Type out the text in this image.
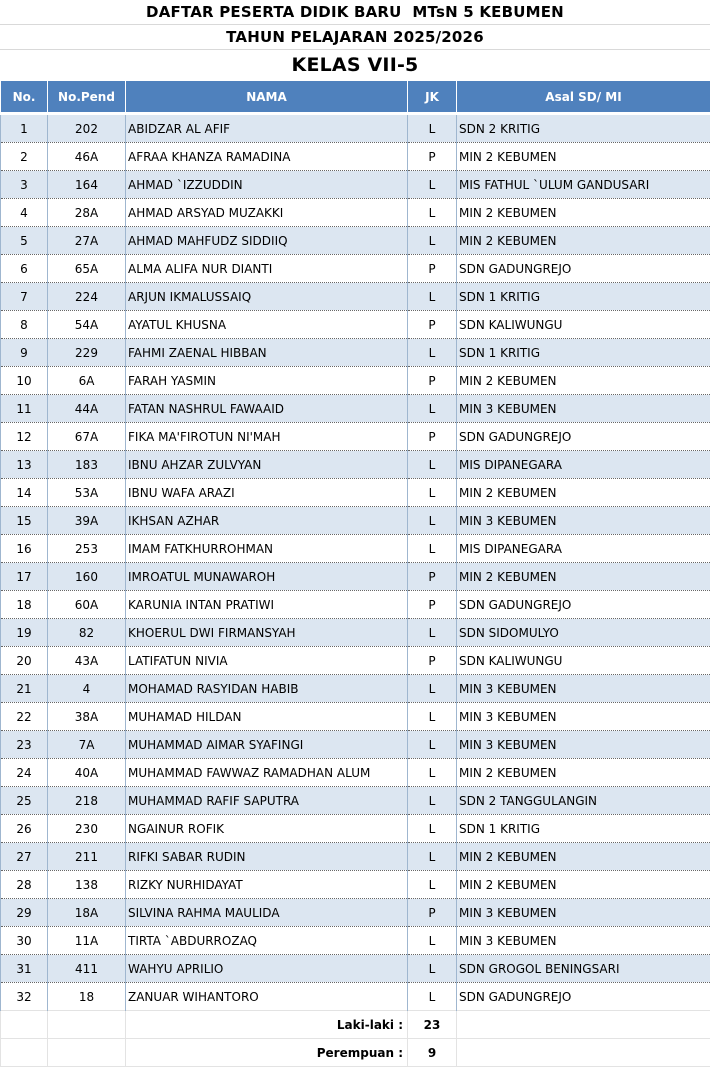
DAFTAR PESERTA DIDIK BARU  MTsN 5 KEBUMEN
TAHUN PELAJARAN 2025/2026
KELAS VII-5
No.	No.Pend	NAMA	JK	Asal SD/ MI

1	202	ABIDZAR AL AFIF	L	SDN 2 KRITIG
2	46A	AFRAA KHANZA RAMADINA	P	MIN 2 KEBUMEN
3	164	AHMAD `IZZUDDIN	L	MIS FATHUL `ULUM GANDUSARI
4	28A	AHMAD ARSYAD MUZAKKI	L	MIN 2 KEBUMEN
5	27A	AHMAD MAHFUDZ SIDDIIQ	L	MIN 2 KEBUMEN
6	65A	ALMA ALIFA NUR DIANTI	P	SDN GADUNGREJO
7	224	ARJUN IKMALUSSAIQ	L	SDN 1 KRITIG
8	54A	AYATUL KHUSNA	P	SDN KALIWUNGU
9	229	FAHMI ZAENAL HIBBAN	L	SDN 1 KRITIG
10	6A	FARAH YASMIN	P	MIN 2 KEBUMEN
11	44A	FATAN NASHRUL FAWAAID	L	MIN 3 KEBUMEN
12	67A	FIKA MA'FIROTUN NI'MAH	P	SDN GADUNGREJO
13	183	IBNU AHZAR ZULVYAN	L	MIS DIPANEGARA
14	53A	IBNU WAFA ARAZI	L	MIN 2 KEBUMEN
15	39A	IKHSAN AZHAR	L	MIN 3 KEBUMEN
16	253	IMAM FATKHURROHMAN	L	MIS DIPANEGARA
17	160	IMROATUL MUNAWAROH	P	MIN 2 KEBUMEN
18	60A	KARUNIA INTAN PRATIWI	P	SDN GADUNGREJO
19	82	KHOERUL DWI FIRMANSYAH	L	SDN SIDOMULYO
20	43A	LATIFATUN NIVIA	P	SDN KALIWUNGU
21	4	MOHAMAD RASYIDAN HABIB	L	MIN 3 KEBUMEN
22	38A	MUHAMAD HILDAN	L	MIN 3 KEBUMEN
23	7A	MUHAMMAD AIMAR SYAFINGI	L	MIN 3 KEBUMEN
24	40A	MUHAMMAD FAWWAZ RAMADHAN ALUM	L	MIN 2 KEBUMEN
25	218	MUHAMMAD RAFIF SAPUTRA	L	SDN 2 TANGGULANGIN
26	230	NGAINUR ROFIK	L	SDN 1 KRITIG
27	211	RIFKI SABAR RUDIN	L	MIN 2 KEBUMEN
28	138	RIZKY NURHIDAYAT	L	MIN 2 KEBUMEN
29	18A	SILVINA RAHMA MAULIDA	P	MIN 3 KEBUMEN
30	11A	TIRTA `ABDURROZAQ	L	MIN 3 KEBUMEN
31	411	WAHYU APRILIO	L	SDN GROGOL BENINGSARI
32	18	ZANUAR WIHANTORO	L	SDN GADUNGREJO
		Laki-laki :	23	
		Perempuan :	9	
